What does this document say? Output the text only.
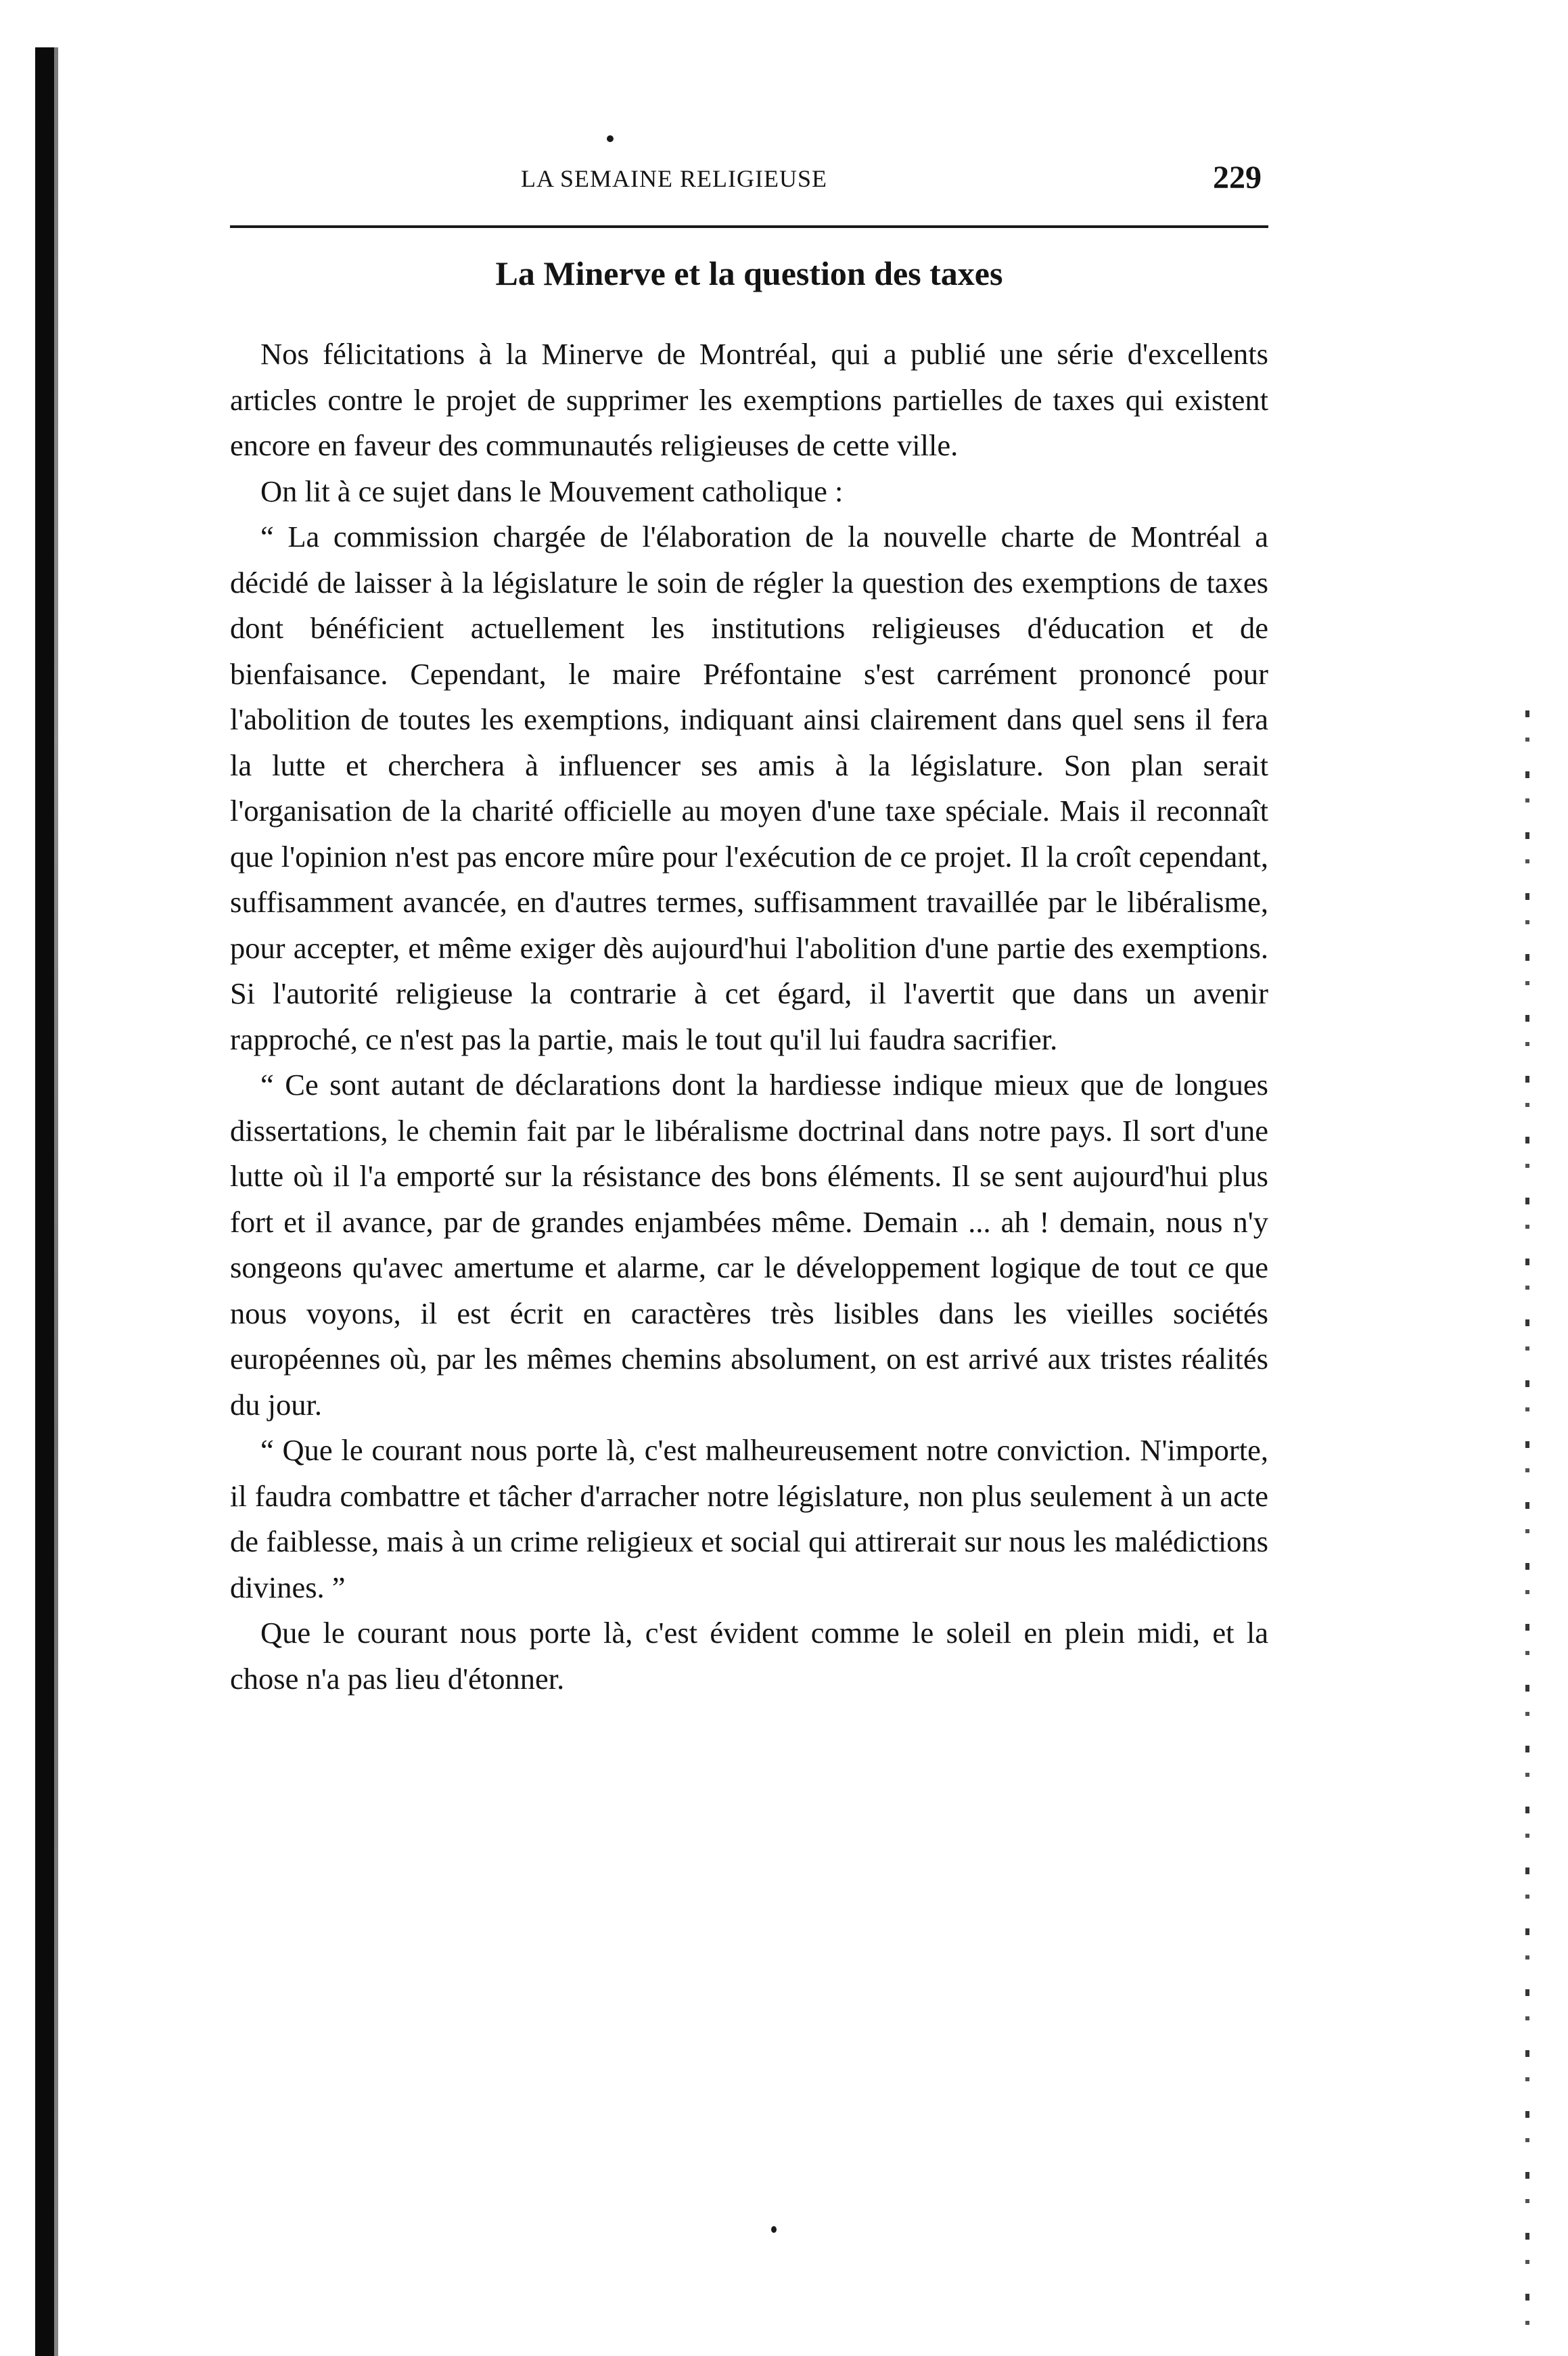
LA SEMAINE RELIGIEUSE	229
La Minerve et la question des taxes

Nos félicitations à la Minerve de Montréal, qui a publié une série d'excellents articles contre le projet de supprimer les exemptions partielles de taxes qui existent encore en faveur des communautés religieuses de cette ville.

On lit à ce sujet dans le Mouvement catholique :

“ La commission chargée de l'élaboration de la nouvelle charte de Montréal a décidé de laisser à la législature le soin de régler la question des exemptions de taxes dont bénéficient actuellement les institutions religieuses d'éducation et de bienfaisance. Cependant, le maire Préfontaine s'est carrément prononcé pour l'abolition de toutes les exemptions, indiquant ainsi clairement dans quel sens il fera la lutte et cherchera à influencer ses amis à la législature. Son plan serait l'organisation de la charité officielle au moyen d'une taxe spéciale. Mais il reconnaît que l'opinion n'est pas encore mûre pour l'exécution de ce projet. Il la croît cependant, suffisamment avancée, en d'autres termes, suffisamment travaillée par le libéralisme, pour accepter, et même exiger dès aujourd'hui l'abolition d'une partie des exemptions. Si l'autorité religieuse la contrarie à cet égard, il l'avertit que dans un avenir rapproché, ce n'est pas la partie, mais le tout qu'il lui faudra sacrifier.

“ Ce sont autant de déclarations dont la hardiesse indique mieux que de longues dissertations, le chemin fait par le libéralisme doctrinal dans notre pays. Il sort d'une lutte où il l'a emporté sur la résistance des bons éléments. Il se sent aujourd'hui plus fort et il avance, par de grandes enjambées même. Demain ... ah ! demain, nous n'y songeons qu'avec amertume et alarme, car le développement logique de tout ce que nous voyons, il est écrit en caractères très lisibles dans les vieilles sociétés européennes où, par les mêmes chemins absolument, on est arrivé aux tristes réalités du jour.

“ Que le courant nous porte là, c'est malheureusement notre conviction. N'importe, il faudra combattre et tâcher d'arracher notre législature, non plus seulement à un acte de faiblesse, mais à un crime religieux et social qui attirerait sur nous les malédictions divines. ”

Que le courant nous porte là, c'est évident comme le soleil en plein midi, et la chose n'a pas lieu d'étonner.
